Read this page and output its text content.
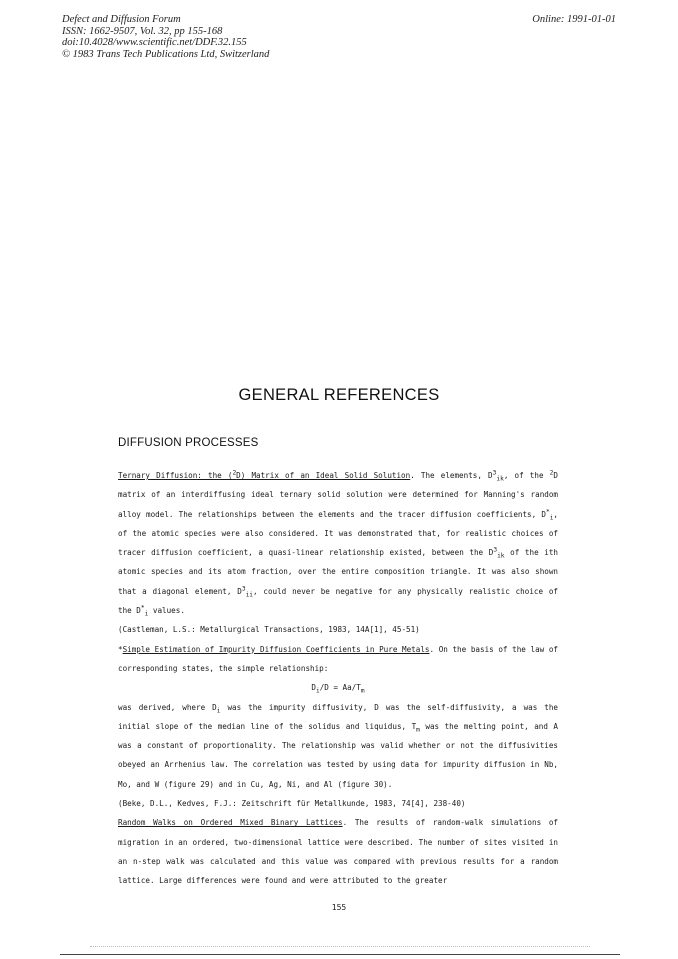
Defect and Diffusion Forum
ISSN: 1662-9507, Vol. 32, pp 155-168
doi:10.4028/www.scientific.net/DDF.32.155
© 1983 Trans Tech Publications Ltd, Switzerland
Online: 1991-01-01
GENERAL REFERENCES
DIFFUSION PROCESSES

Ternary Diffusion: the ($^2$D) Matrix of an Ideal Solid Solution. The elements, $D^3_{ik}$, of the $^2$D matrix of an interdiffusing ideal ternary solid solution were determined for Manning's random alloy model. The relationships between the elements and the tracer diffusion coefficients, $D^*_i$, of the atomic species were also considered. It was demonstrated that, for realistic choices of tracer diffusion coefficient, a quasi-linear relationship existed, between the $D^3_{ik}$ of the ith atomic species and its atom fraction, over the entire composition triangle. It was also shown that a diagonal element, $D^3_{ii}$, could never be negative for any physically realistic choice of the $D^*_i$ values.
(Castleman, L.S.: Metallurgical Transactions, 1983, 14A[1], 45-51)

*Simple Estimation of Impurity Diffusion Coefficients in Pure Metals. On the basis of the law of corresponding states, the simple relationship:

$D_i/D = Aa/T_m$

was derived, where $D_i$ was the impurity diffusivity, D was the self-diffusivity, a was the initial slope of the median line of the solidus and liquidus, $T_m$ was the melting point, and A was a constant of proportionality. The relationship was valid whether or not the diffusivities obeyed an Arrhenius law. The correlation was tested by using data for impurity diffusion in Nb, Mo, and W (figure 29) and in Cu, Ag, Ni, and Al (figure 30).
(Beke, D.L., Kedves, F.J.: Zeitschrift für Metallkunde, 1983, 74[4], 238-40)

Random Walks on Ordered Mixed Binary Lattices. The results of random-walk simulations of migration in an ordered, two-dimensional lattice were described. The number of sites visited in an n-step walk was calculated and this value was compared with previous results for a random lattice. Large differences were found and were attributed to the greater

155
